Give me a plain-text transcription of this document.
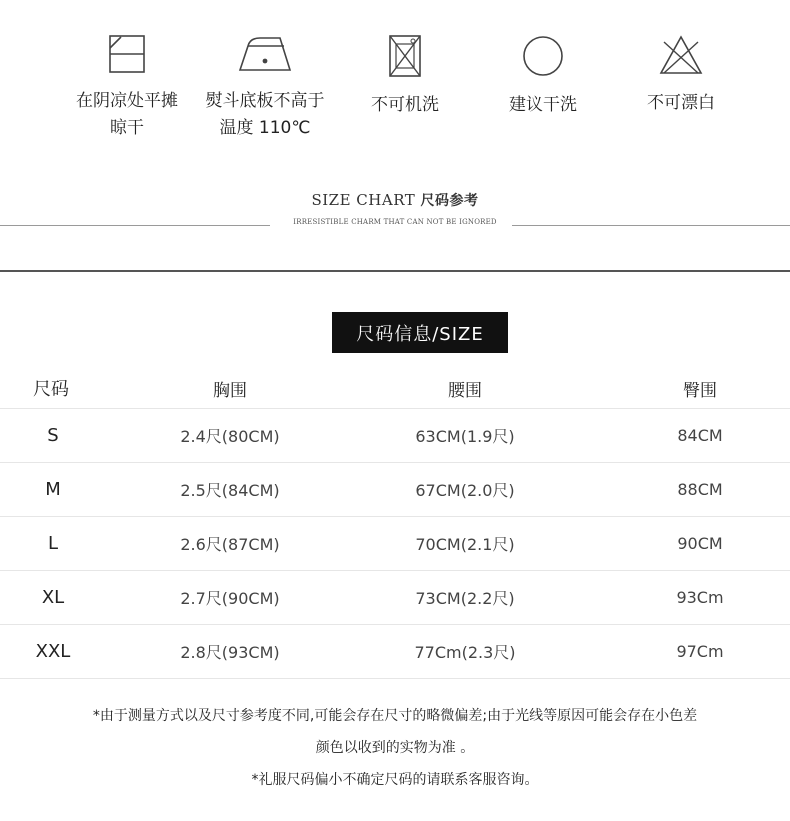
在阴凉处平摊
晾干
熨斗底板不高于
温度 110℃
不可机洗	建议干洗	不可漂白
SIZE CHART 尺码参考
IRRESISTIBLE CHARM THAT CAN NOT BE IGNORED
尺码信息/SIZE
尺码	胸围	腰围	臀围
S	2.4尺(80CM)	63CM(1.9尺)	84CM
M	2.5尺(84CM)	67CM(2.0尺)	88CM
L	2.6尺(87CM)	70CM(2.1尺)	90CM
XL	2.7尺(90CM)	73CM(2.2尺)	93Cm
XXL	2.8尺(93CM)	77Cm(2.3尺)	97Cm
*由于测量方式以及尺寸参考度不同,可能会存在尺寸的略微偏差;由于光线等原因可能会存在小色差
颜色以收到的实物为准 。
*礼服尺码偏小不确定尺码的请联系客服咨询。
